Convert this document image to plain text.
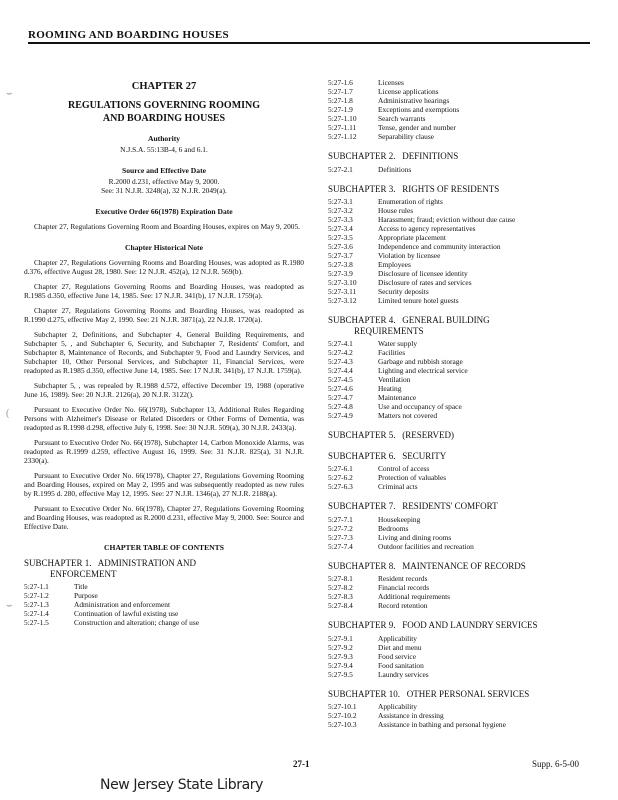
ROOMING AND BOARDING HOUSES
⌣
(
⌣
CHAPTER 27
REGULATIONS GOVERNING ROOMING
AND BOARDING HOUSES
Authority
N.J.S.A. 55:13B-4, 6 and 6.1.
Source and Effective Date
R.2000 d.231, effective May 9, 2000.
See: 31 N.J.R. 3248(a), 32 N.J.R. 2049(a).
Executive Order 66(1978) Expiration Date
Chapter 27, Regulations Governing Room and Boarding Houses, expires on May 9, 2005.
Chapter Historical Note
Chapter 27, Regulations Governing Rooms and Boarding Houses, was adopted as R.1980 d.376, effective August 28, 1980. See: 12 N.J.R. 452(a), 12 N.J.R. 569(b).
Chapter 27, Regulations Governing Rooms and Boarding Houses, was readopted as R.1985 d.350, effective June 14, 1985. See: 17 N.J.R. 341(b), 17 N.J.R. 1759(a).
Chapter 27, Regulations Governing Rooms and Boarding Houses, was readopted as R.1990 d.275, effective May 2, 1990. See: 21 N.J.R. 3871(a), 22 N.J.R. 1720(a).
Subchapter 2, Definitions, and Subchapter 4, General Building Requirements, and Subchapter 5, , and Subchapter 6, Security, and Subchapter 7, Residents' Comfort, and Subchapter 8, Maintenance of Records, and Subchapter 9, Food and Laundry Services, and Subchapter 10, Other Personal Services, and Subchapter 11, Financial Services, were readopted as R.1985 d.350, effective June 14, 1985. See: 17 N.J.R. 341(b), 17 N.J.R. 1759(a).
Subchapter 5, , was repealed by R.1988 d.572, effective December 19, 1988 (operative June 16, 1989). See: 20 N.J.R. 2126(a), 20 N.J.R. 3122().
Pursuant to Executive Order No. 66(1978), Subchapter 13, Additional Rules Regarding Persons with Alzheimer's Disease or Related Disorders or Other Forms of Dementia, was readopted as R.1998 d.298, effective July 6, 1998. See: 30 N.J.R. 509(a), 30 N.J.R. 2433(a).
Pursuant to Executive Order No. 66(1978), Subchapter 14, Carbon Monoxide Alarms, was readopted as R.1999 d.259, effective August 16, 1999. See: 31 N.J.R. 825(a), 31 N.J.R. 2330(a).
Pursuant to Executive Order No. 66(1978), Chapter 27, Regulations Governing Rooming and Boarding Houses, expired on May 2, 1995 and was subsequently readopted as new rules by R.1995 d. 280, effective May 12, 1995. See: 27 N.J.R. 1346(a), 27 N.J.R. 2188(a).
Pursuant to Executive Order No. 66(1978), Chapter 27, Regulations Governing Rooming and Boarding Houses, was readopted as R.2000 d.231, effective May 9, 2000. See: Source and Effective Date.
CHAPTER TABLE OF CONTENTS
SUBCHAPTER 1.   ADMINISTRATION AND
ENFORCEMENT
5:27-1.1	Title
5:27-1.2	Purpose
5:27-1.3	Administration and enforcement
5:27-1.4	Continuation of lawful existing use
5:27-1.5	Construction and alteration; change of use
5:27-1.6	Licenses
5:27-1.7	License applications
5:27-1.8	Administrative hearings
5:27-1.9	Exceptions and exemptions
5:27-1.10	Search warrants
5:27-1.11	Tense, gender and number
5:27-1.12	Separability clause
SUBCHAPTER 2.   DEFINITIONS
5:27-2.1	Definitions
SUBCHAPTER 3.   RIGHTS OF RESIDENTS
5:27-3.1	Enumeration of rights
5:27-3.2	House rules
5:27-3.3	Harassment; fraud; eviction without due cause
5:27-3.4	Access to agency representatives
5:27-3.5	Appropriate placement
5:27-3.6	Independence and community interaction
5:27-3.7	Violation by licensee
5:27-3.8	Employees
5:27-3.9	Disclosure of licensee identity
5:27-3.10	Disclosure of rates and services
5:27-3.11	Security deposits
5:27-3.12	Limited tenure hotel guests
SUBCHAPTER 4.   GENERAL BUILDING
REQUIREMENTS
5:27-4.1	Water supply
5:27-4.2	Facilities
5:27-4.3	Garbage and rubbish storage
5:27-4.4	Lighting and electrical service
5:27-4.5	Ventilation
5:27-4.6	Heating
5:27-4.7	Maintenance
5:27-4.8	Use and occupancy of space
5:27-4.9	Matters not covered
SUBCHAPTER 5.   (RESERVED)
SUBCHAPTER 6.   SECURITY
5:27-6.1	Control of access
5:27-6.2	Protection of valuables
5:27-6.3	Criminal acts
SUBCHAPTER 7.   RESIDENTS' COMFORT
5:27-7.1	Housekeeping
5:27-7.2	Bedrooms
5:27-7.3	Living and dining rooms
5:27-7.4	Outdoor facilities and recreation
SUBCHAPTER 8.   MAINTENANCE OF RECORDS
5:27-8.1	Resident records
5:27-8.2	Financial records
5:27-8.3	Additional requirements
5:27-8.4	Record retention
SUBCHAPTER 9.   FOOD AND LAUNDRY SERVICES
5:27-9.1	Applicability
5:27-9.2	Diet and menu
5:27-9.3	Food service
5:27-9.4	Food sanitation
5:27-9.5	Laundry services
SUBCHAPTER 10.   OTHER PERSONAL SERVICES
5:27-10.1	Applicability
5:27-10.2	Assistance in dressing
5:27-10.3	Assistance in bathing and personal hygiene
27-1	Supp. 6-5-00
New Jersey State Library
